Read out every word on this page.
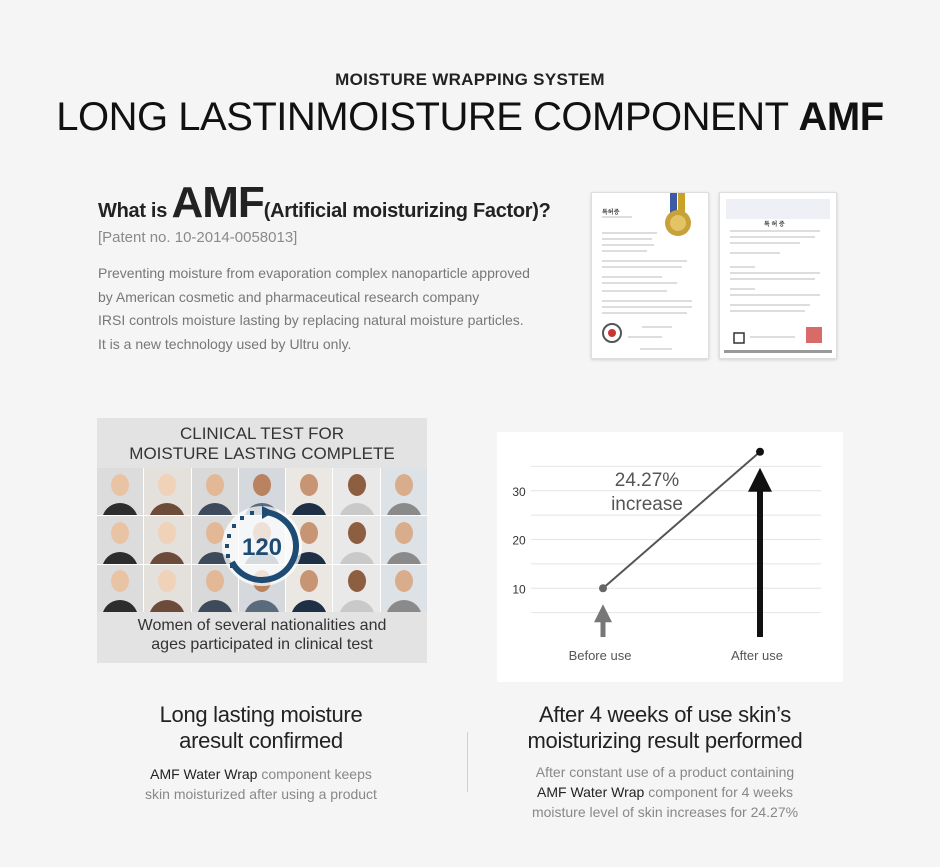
MOISTURE WRAPPING SYSTEM
LONG LASTINMOISTURE COMPONENT AMF
What is AMF(Artificial moisturizing Factor)?
[Patent no. 10-2014-0058013]
Preventing moisture from evaporation complex nanoparticle approved
by American cosmetic and pharmaceutical research company
IRSI controls moisture lasting by replacing natural moisture particles.
It is a new technology used by Ultru only.
특허증
특 허 증
CLINICAL TEST FOR
MOISTURE LASTING COMPLETE
120
Women of several nationalities and
ages participated in clinical test
10
20
30
24.27%
increase
Before use	After use
Long lasting moisture
aresult confirmed
AMF Water Wrap component keeps
skin moisturized after using a product
After 4 weeks of use skin’s
moisturizing result performed
After constant use of a product containing
AMF Water Wrap component for 4 weeks
moisture level of skin increases for 24.27%
